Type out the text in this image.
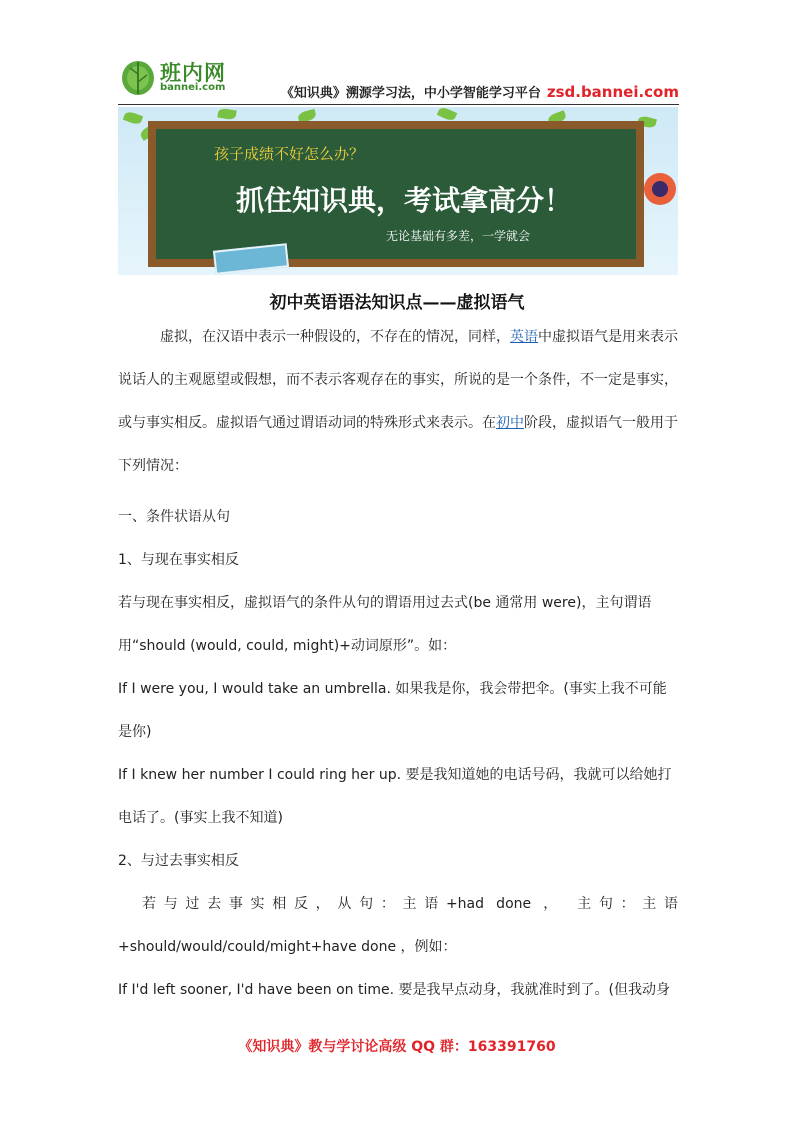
班内网
bannei.com	《知识典》溯源学习法，中小学智能学习平台 zsd.bannei.com
孩子成绩不好怎么办？
抓住知识典，考试拿高分！
无论基础有多差，一学就会
初中英语语法知识点——虚拟语气

虚拟，在汉语中表示一种假设的，不存在的情况，同样，英语中虚拟语气是用来表示说话人的主观愿望或假想，而不表示客观存在的事实，所说的是一个条件，不一定是事实，或与事实相反。虚拟语气通过谓语动词的特殊形式来表示。在初中阶段，虚拟语气一般用于下列情况：

一、条件状语从句

1、与现在事实相反

若与现在事实相反，虚拟语气的条件从句的谓语用过去式(be 通常用 were)，主句谓语用“should (would, could, might)+动词原形”。如：

If I were you, I would take an umbrella. 如果我是你，我会带把伞。(事实上我不可能是你)

If I knew her number I could ring her up. 要是我知道她的电话号码，我就可以给她打电话了。(事实上我不知道)

2、与过去事实相反

若与过去事实相反，从句：主语+had done ， 主句：主语

+should/would/could/might+have done ，例如：

If I'd left sooner, I'd have been on time. 要是我早点动身，我就准时到了。(但我动身

《知识典》教与学讨论高级 QQ 群：163391760
